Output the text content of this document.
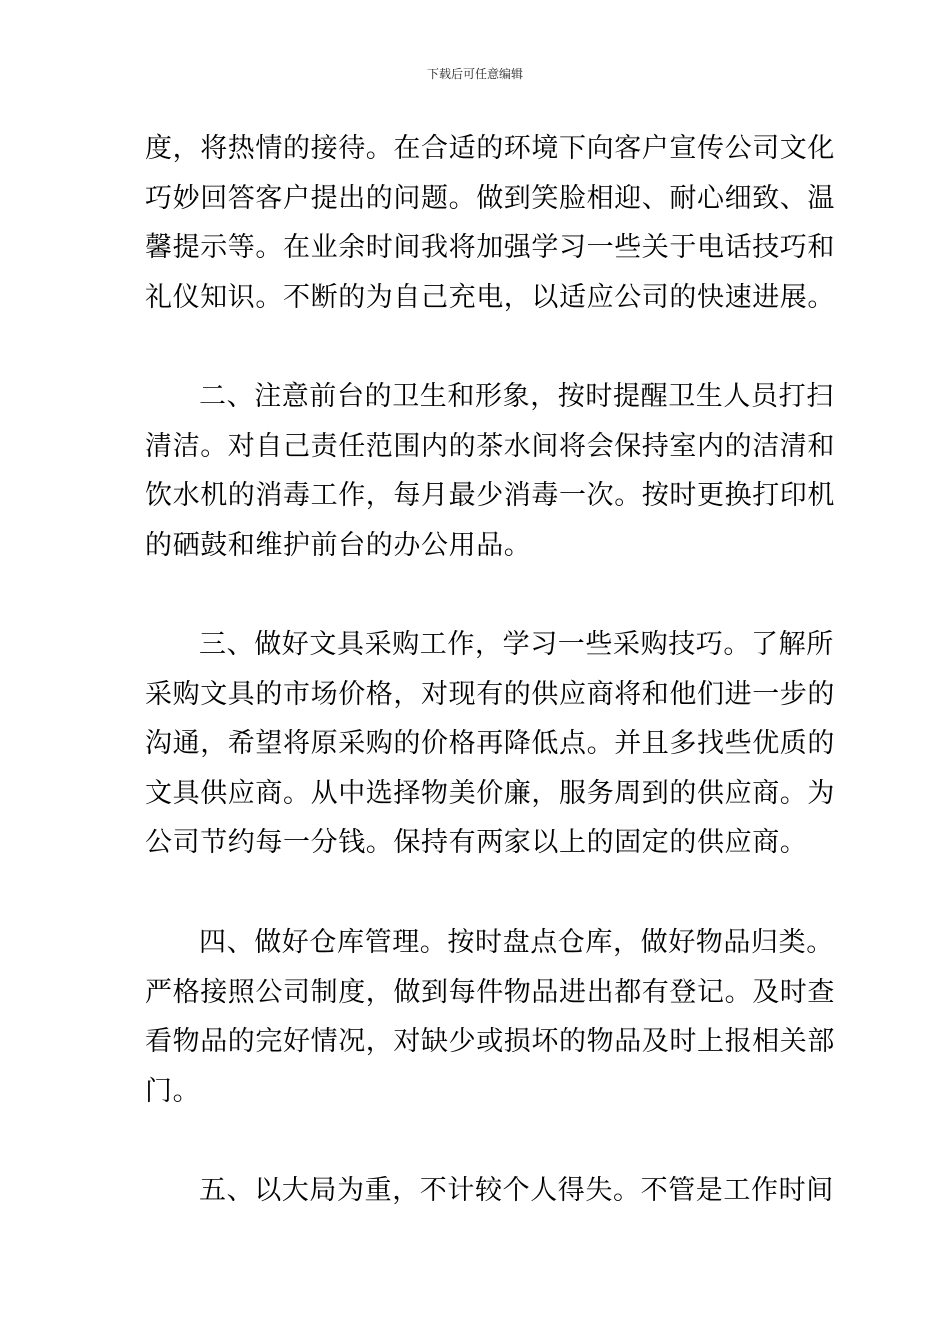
下载后可任意编辑
度，将热情的接待。在合适的环境下向客户宣传公司文化
巧妙回答客户提出的问题。做到笑脸相迎、耐心细致、温
馨提示等。在业余时间我将加强学习一些关于电话技巧和
礼仪知识。不断的为自己充电，以适应公司的快速进展。
二、注意前台的卫生和形象，按时提醒卫生人员打扫
清洁。对自己责任范围内的茶水间将会保持室内的洁清和
饮水机的消毒工作，每月最少消毒一次。按时更换打印机
的硒鼓和维护前台的办公用品。
三、做好文具采购工作，学习一些采购技巧。了解所
采购文具的市场价格，对现有的供应商将和他们进一步的
沟通，希望将原采购的价格再降低点。并且多找些优质的
文具供应商。从中选择物美价廉，服务周到的供应商。为
公司节约每一分钱。保持有两家以上的固定的供应商。
四、做好仓库管理。按时盘点仓库，做好物品归类。
严格接照公司制度，做到每件物品进出都有登记。及时查
看物品的完好情况，对缺少或损坏的物品及时上报相关部
门。
五、以大局为重，不计较个人得失。不管是工作时间
